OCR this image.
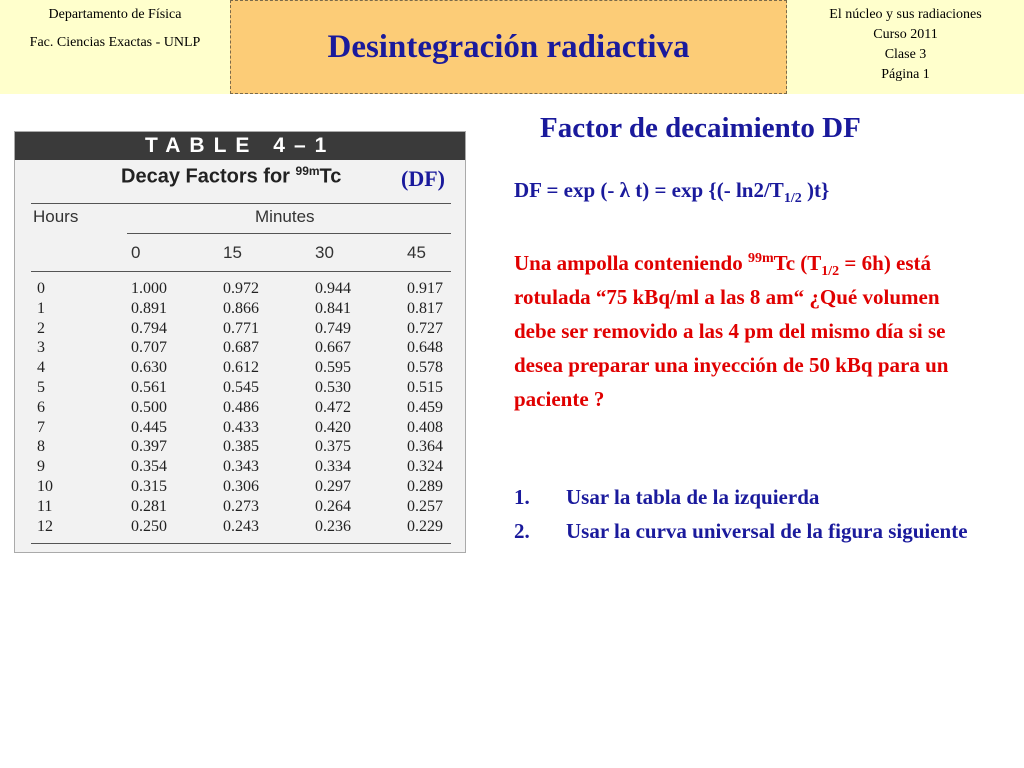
Departamento de Física
Fac. Ciencias Exactas - UNLP	Desintegración radiactiva
El núcleo y sus radiaciones
Curso 2011
Clase 3
Página 1
TABLE 4–1
Decay Factors for $^{99m}$Tc	(DF)
Hours	Minutes
0	15	30	45
0	1.000	0.972	0.944	0.917
1	0.891	0.866	0.841	0.817
2	0.794	0.771	0.749	0.727
3	0.707	0.687	0.667	0.648
4	0.630	0.612	0.595	0.578
5	0.561	0.545	0.530	0.515
6	0.500	0.486	0.472	0.459
7	0.445	0.433	0.420	0.408
8	0.397	0.385	0.375	0.364
9	0.354	0.343	0.334	0.324
10	0.315	0.306	0.297	0.289
11	0.281	0.273	0.264	0.257
12	0.250	0.243	0.236	0.229
Factor de decaimiento DF
DF = exp (- λ t) = exp {(- $\ln 2/T_{1/2}$ )t}
Una ampolla conteniendo $^{99m}$Tc $(T_{1/2} = 6h)$ está rotulada “75 kBq/ml a las 8 am“ ¿Qué volumen debe ser removido a las 4 pm del mismo día si se desea preparar una inyección de 50 kBq para un paciente ?
1.	Usar la tabla de la izquierda
2.	Usar la curva universal de la figura siguiente
